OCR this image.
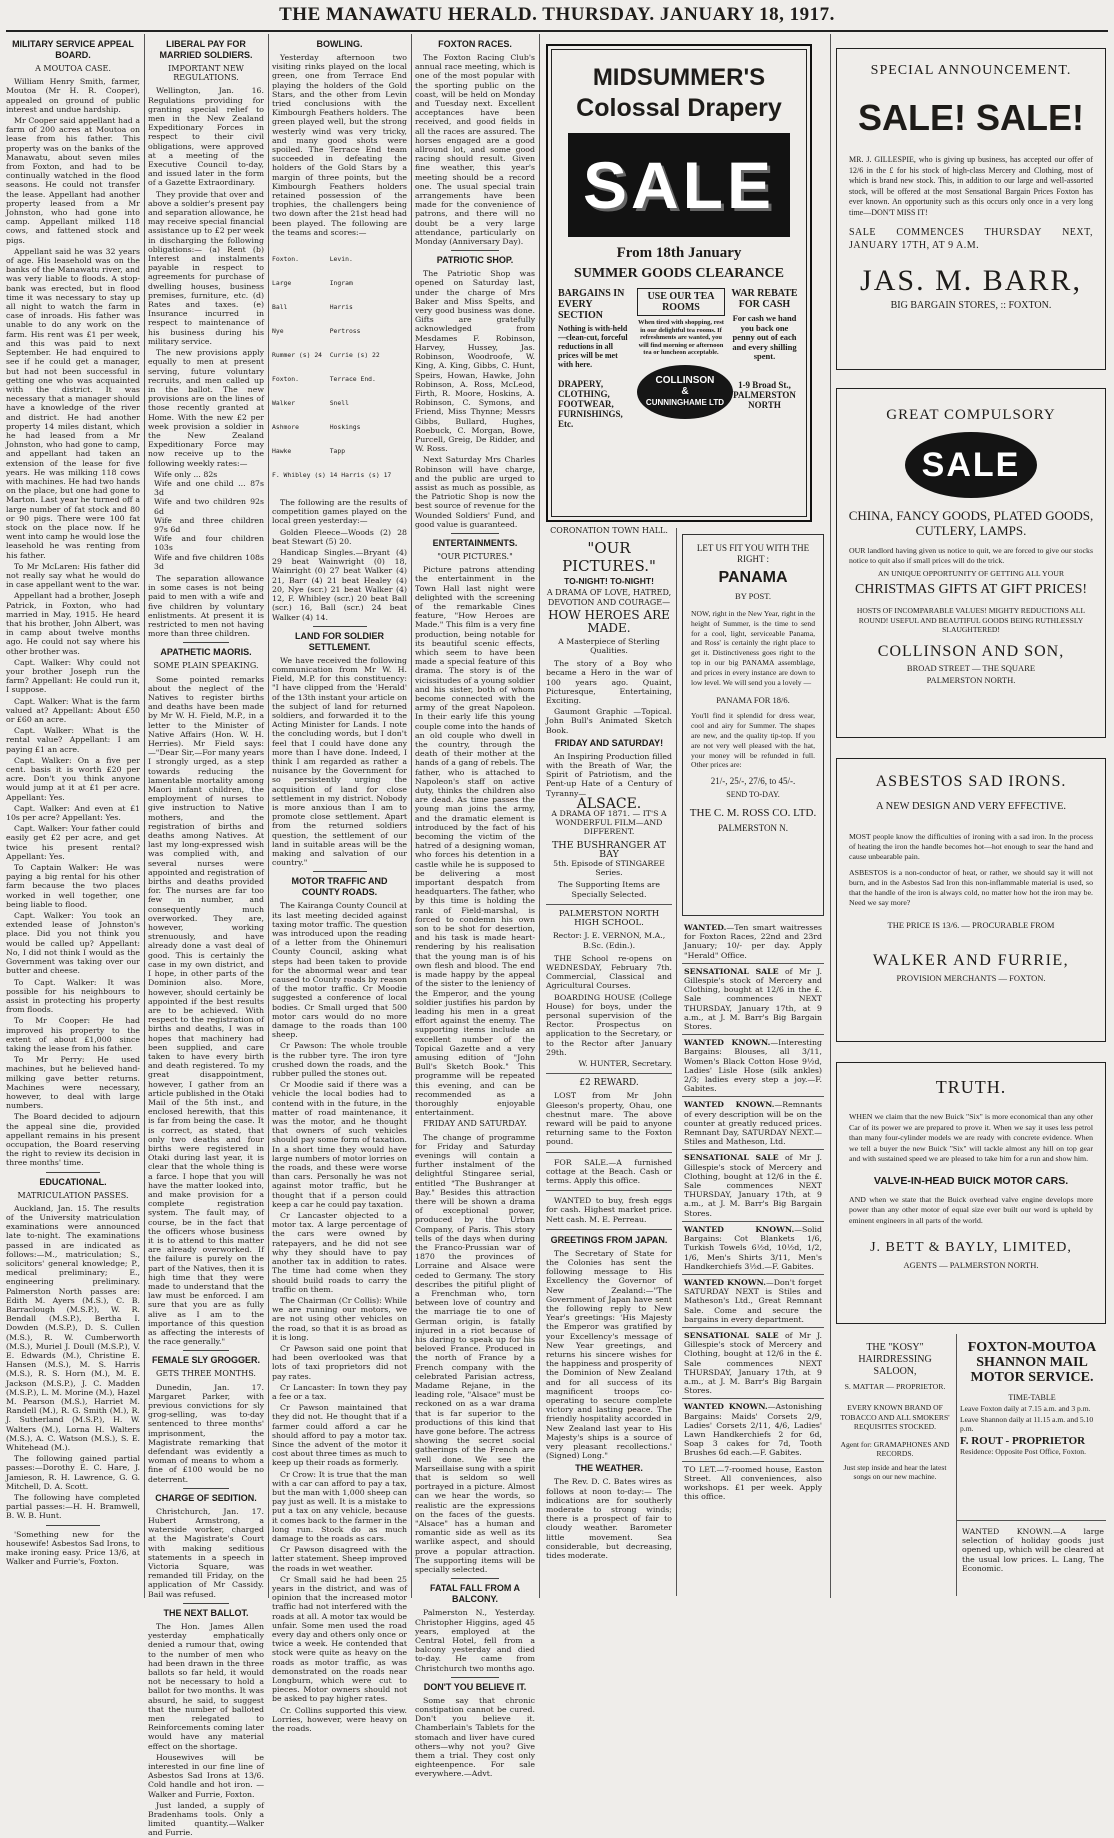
THE MANAWATU HERALD. THURSDAY. JANUARY 18, 1917.
MILITARY SERVICE APPEAL BOARD.
A MOUTOA CASE.

William Henry Smith, farmer, Moutoa (Mr H. R. Cooper), appealed on ground of public interest and undue hardship.

Mr Cooper said appellant had a farm of 200 acres at Moutoa on lease from his father. This property was on the banks of the Manawatu, about seven miles from Foxton, and had to be continually watched in the flood seasons. He could not transfer the lease. Appellant had another property leased from a Mr Johnston, who had gone into camp. Appellant milked 118 cows, and fattened stock and pigs.

Appellant said he was 32 years of age. His leasehold was on the banks of the Manawatu river, and was very liable to floods. A stop-bank was erected, but in flood time it was necessary to stay up all night to watch the farm in case of inroads. His father was unable to do any work on the farm. His rent was £1 per week, and this was paid to next September. He had enquired to see if he could get a manager, but had not been successful in getting one who was acquainted with the district. It was necessary that a manager should have a knowledge of the river and district. He had another property 14 miles distant, which he had leased from a Mr Johnston, who had gone to camp, and appellant had taken an extension of the lease for five years. He was milking 118 cows with machines. He had two hands on the place, but one had gone to Marton. Last year he turned off a large number of fat stock and 80 or 90 pigs. There were 100 fat stock on the place now. If he went into camp he would lose the leasehold he was renting from his father.

To Mr McLaren: His father did not really say what he would do in case appellant went to the war.

Appellant had a brother, Joseph Patrick, in Foxton, who had married in May, 1915. He heard that his brother, John Albert, was in camp about twelve months ago. He could not say where his other brother was.

Capt. Walker: Why could not your brother Joseph run the farm? Appellant: He could run it, I suppose.

Capt. Walker: What is the farm valued at? Appellant: About £50 or £60 an acre.

Capt. Walker: What is the rental value? Appellant: I am paying £1 an acre.

Capt. Walker: On a five per cent. basis it is worth £20 per acre. Don't you think anyone would jump at it at £1 per acre. Appellant: Yes.

Capt. Walker: And even at £1 10s per acre? Appellant: Yes.

Capt. Walker: Your father could easily get £2 per acre, and get twice his present rental? Appellant: Yes.

To Captain Walker: He was paying a big rental for his other farm because the two places worked in well together, one being liable to flood.

Capt. Walker: You took an extended lease of Johnston's place. Did you not think you would be called up? Appellant: No, I did not think I would as the Government was taking over our butter and cheese.

To Capt. Walker: It was possible for his neighbours to assist in protecting his property from floods.

To Mr Cooper: He had improved his property to the extent of about £1,000 since taking the lease from his father.

To Mr Perry: He used machines, but he believed hand-milking gave better returns. Machines were necessary, however, to deal with large numbers.

The Board decided to adjourn the appeal sine die, provided appellant remains in his present occupation, the Board reserving the right to review its decision in three months' time.

EDUCATIONAL.
MATRICULATION PASSES.

Auckland, Jan. 15. The results of the University matriculation examinations were announced late to-night. The examinations passed in are indicated as follows:—M., matriculation; S., solicitors' general knowledge; P., medical preliminary; E., engineering preliminary. Palmerston North passes are: Edith M. Ayers (M.S.), C. B. Barraclough (M.S.P.), W. R. Bendall (M.S.P.), Bertha I. Dowden (M.S.P.), D. S. Cullen (M.S.), R. W. Cumberworth (M.S.), Muriel J. Doull (M.S.P.), V. E. Edwards (M.), Christine E. Hansen (M.S.), M. S. Harris (M.S.), R. S. Horn (M.), M. E. Jackson (M.S.P.), J. C. Madden (M.S.P.), L. M. Morine (M.), Hazel M. Pearson (M.S.), Harriet M. Randell (M.), R. G. Smith (M.), R. J. Sutherland (M.S.P.), H. W. Walters (M.), Lorna H. Walters (M.S.), A. C. Watson (M.S.), S. E. Whitehead (M.).

The following gained partial passes:—Dorothy E. C. Hare, J. Jamieson, R. H. Lawrence, G. G. Mitchell, D. A. Scott.

The following have completed partial passes:—H. H. Bramwell, B. W. B. Hunt.

'Something new for the housewife! Asbestos Sad Irons, to make ironing easy. Price 13/6, at Walker and Furrie's, Foxton.

LIBERAL PAY FOR MARRIED SOLDIERS.
IMPORTANT NEW REGULATIONS.

Wellington, Jan. 16. Regulations providing for granting special relief to men in the New Zealand Expeditionary Forces in respect to their civil obligations, were approved at a meeting of the Executive Council to-day, and issued later in the form of a Gazette Extraordinary.

They provide that over and above a soldier's present pay and separation allowance, he may receive special financial assistance up to £2 per week in discharging the following obligations:— (a) Rent (b) Interest and instalments payable in respect to agreements for purchase of dwelling houses, business premises, furniture, etc. (d) Rates and taxes. (e) Insurance incurred in respect to maintenance of his business during his military service.

The new provisions apply equally to men at present serving, future voluntary recruits, and men called up in the ballot. The new provisions are on the lines of those recently granted at Home. With the new £2 per week provision a soldier in the New Zealand Expeditionary Force may now receive up to the following weekly rates:—

Wife only ... 82s
Wife and one child ... 87s 3d
Wife and two children 92s 6d
Wife and three children 97s 6d
Wife and four children 103s
Wife and five children 108s 3d

The separation allowance in some cases is not being paid to men with a wife and five children by voluntary enlistments. At present it is restricted to men not having more than three children.

APATHETIC MAORIS.
SOME PLAIN SPEAKING.

Some pointed remarks about the neglect of the Natives to register births and deaths have been made by Mr W. H. Field, M.P., in a letter to the Minister of Native Affairs (Hon. W. H. Herries). Mr Field says:—"Dear Sir,—For many years I strongly urged, as a step towards reducing the lamentable mortality among Maori infant children, the employment of nurses to give instruction to Native mothers, and the registration of births and deaths among Natives. At last my long-expressed wish was complied with, and several nurses were appointed and registration of births and deaths provided for. The nurses are far too few in number, and consequently much overworked. They are, however, working strenuously, and have already done a vast deal of good. This is certainly the case in my own district, and I hope, in other parts of the Dominion also. More, however, should certainly be appointed if the best results are to be achieved. With respect to the registration of births and deaths, I was in hopes that machinery had been supplied, and care taken to have every birth and death registered. To my great disappointment, however, I gather from an article published in the Otaki Mail of the 5th inst., and enclosed herewith, that this is far from being the case. It is correct, as stated, that only two deaths and four births were registered in Otaki during last year, it is clear that the whole thing is a farce. I hope that you will have the matter looked into, and make provision for a complete registration system. The fault may, of course, be in the fact that the officers whose business it is to attend to this matter are already overworked. If the failure is purely on the part of the Natives, then it is high time that they were made to understand that the law must be enforced. I am sure that you are as fully alive as I am to the importance of this question as affecting the interests of the race generally."

FEMALE SLY GROGGER.
GETS THREE MONTHS.

Dunedin, Jan. 17. Margaret Parker, with previous convictions for sly grog-selling, was to-day sentenced to three months' imprisonment, the Magistrate remarking that defendant was evidently a woman of means to whom a fine of £100 would be no deterrent.

CHARGE OF SEDITION.

Christchurch, Jan. 17. Hubert Armstrong, a waterside worker, charged at the Magistrate's Court with making seditious statements in a speech in Victoria Square, was remanded till Friday, on the application of Mr Cassidy. Bail was refused.

THE NEXT BALLOT.

The Hon. James Allen yesterday emphatically denied a rumour that, owing to the number of men who had been drawn in the three ballots so far held, it would not be necessary to hold a ballot for two months. It was absurd, he said, to suggest that the number of balloted men relegated to Reinforcements coming later would have any material effect on the shortage.

Housewives will be interested in our fine line of Asbestos Sad Irons at 13/6. Cold handle and hot iron. —Walker and Furrie, Foxton.

Just landed, a supply of Bradenhams tools. Only a limited quantity.—Walker and Furrie.

BOWLING.

Yesterday afternoon two visiting rinks played on the local green, one from Terrace End playing the holders of the Gold Stars, and the other from Levin tried conclusions with the Kimbourgh Feathers holders. The green played well, but the strong westerly wind was very tricky, and many good shots were spoiled. The Terrace End team succeeded in defeating the holders of the Gold Stars by a margin of three points, but the Kimbourgh Feathers holders retained possession of the trophies, the challengers being two down after the 21st head had been played. The following are the teams and scores:—

Foxton.        Levin.

Large          Ingram

Ball           Harris

Nye            Pertross

Rummer (s) 24  Currie (s) 22

Foxton.        Terrace End.

Walker         Snell

Ashmore        Hoskings

Hawke          Tapp

F. Whibley (s) 14 Harris (s) 17

The following are the results of competition games played on the local green yesterday:—

Golden Fleece—Woods (2) 28 beat Stewart (5) 20.

Handicap Singles.—Bryant (4) 29 beat Wainwright (0) 18, Wainright (0) 27 beat Walker (4) 21, Barr (4) 21 beat Healey (4) 20, Nye (scr.) 21 beat Walker (4) 12, F. Whibley (scr.) 20 beat Ball (scr.) 16, Ball (scr.) 24 beat Walker (4) 14.

LAND FOR SOLDIER SETTLEMENT.

We have received the following communication from Mr W. H. Field, M.P. for this constituency: "I have clipped from the 'Herald' of the 13th instant your article on the subject of land for returned soldiers, and forwarded it to the Acting Minister for Lands. I note the concluding words, but I don't feel that I could have done any more than I have done. Indeed, I think I am regarded as rather a nuisance by the Government for so persistently urging the acquisition of land for close settlement in my district. Nobody is more anxious than I am to promote close settlement. Apart from the returned soldiers question, the settlement of our land in suitable areas will be the making and salvation of our country."

MOTOR TRAFFIC AND COUNTY ROADS.

The Kairanga County Council at its last meeting decided against taxing motor traffic. The question was introduced upon the reading of a letter from the Ohinemuri County Council, asking what steps had been taken to provide for the abnormal wear and tear caused to County roads by reason of the motor traffic. Cr Moodie suggested a conference of local bodies. Cr Small urged that 500 motor cars would do no more damage to the roads than 100 sheep.

Cr Pawson: The whole trouble is the rubber tyre. The iron tyre crushed down the roads, and the rubber pulled the stones out.

Cr Moodie said if there was a vehicle the local bodies had to contend with in the future, in the matter of road maintenance, it was the motor, and he thought that owners of such vehicles should pay some form of taxation. In a short time they would have large numbers of motor lorries on the roads, and these were worse than cars. Personally he was not against motor traffic, but he thought that if a person could keep a car he could pay taxation.

Cr Lancaster objected to a motor tax. A large percentage of the cars were owned by ratepayers, and he did not see why they should have to pay another tax in addition to rates. The time had come when they should build roads to carry the traffic on them.

The Chairman (Cr Collis): While we are running our motors, we are not using other vehicles on the road, so that it is as broad as it is long.

Cr Pawson said one point that had been overlooked was that lots of taxi proprietors did not pay rates.

Cr Lancaster: In town they pay a fee or a tax.

Cr Pawson maintained that they did not. He thought that if a farmer could afford a car he should afford to pay a motor tax. Since the advent of the motor it cost about three times as much to keep up their roads as formerly.

Cr Crow: It is true that the man with a car can afford to pay a tax, but the man with 1,000 sheep can pay just as well. It is a mistake to put a tax on any vehicle, because it comes back to the farmer in the long run. Stock do as much damage to the roads as cars.

Cr Pawson disagreed with the latter statement. Sheep improved the roads in wet weather.

Cr Small said he had been 25 years in the district, and was of opinion that the increased motor traffic had not interfered with the roads at all. A motor tax would be unfair. Some men used the road every day and others only once or twice a week. He contended that stock were quite as heavy on the roads as motor traffic, as was demonstrated on the roads near Longburn, which were cut to pieces. Motor owners should not be asked to pay higher rates.

Cr. Collins supported this view. Lorries, however, were heavy on the roads.

FOXTON RACES.

The Foxton Racing Club's annual race meeting, which is one of the most popular with the sporting public on the coast, will be held on Monday and Tuesday next. Excellent acceptances have been received, and good fields in all the races are assured. The horses engaged are a good allround lot, and some good racing should result. Given fine weather, this year's meeting should be a record one. The usual special train arrangements have been made for the convenience of patrons, and there will no doubt be a very large attendance, particularly on Monday (Anniversary Day).

PATRIOTIC SHOP.

The Patriotic Shop was opened on Saturday last, under the charge of Mrs Baker and Miss Spelts, and very good business was done. Gifts are gratefully acknowledged from Mesdames F. Robinson, Harvey, Hussey, Jas. Robinson, Woodroofe, W. King, A. King, Gibbs, C. Hunt, Speirs, Howan, Hawke, John Robinson, A. Ross, McLeod, Firth, R. Moore, Hoskins, A. Robinson, C. Symons, and Friend, Miss Thynne; Messrs Gibbs, Bullard, Hughes, Roebuck, C. Morgan, Bowe, Purcell, Greig, De Ridder, and W. Ross.

Next Saturday Mrs Charles Robinson will have charge, and the public are urged to assist as much as possible, as the Patriotic Shop is now the best source of revenue for the Wounded Soldiers' Fund, and good value is guaranteed.

ENTERTAINMENTS.
"OUR PICTURES."

Picture patrons attending the entertainment in the Town Hall last night were delighted with the screening of the remarkable Cines feature, "How Heroes are Made." This film is a very fine production, being notable for its beautiful scenic effects, which seem to have been made a special feature of this drama. The story is of the vicissitudes of a young soldier and his sister, both of whom become connected with the army of the great Napoleon. In their early life this young couple come into the hands of an old couple who dwell in the country, through the death of their mother at the hands of a gang of rebels. The father, who is attached to Napoleon's staff on active duty, thinks the children also are dead. As time passes the young man joins the army, and the dramatic element is introduced by the fact of his becoming the victim of the hatred of a designing woman, who forces his detention in a castle while he is supposed to be delivering a most important despatch from headquarters. The father, who by this time is holding the rank of Field-marshal, is forced to condemn his own son to be shot for desertion, and his task is made heart-rendering by his realisation that the young man is of his own flesh and blood. The end is made happy by the appeal of the sister to the leniency of the Emperor, and the young soldier justifies his pardon by leading his men in a great effort against the enemy. The supporting items include an excellent number of the Topical Gazette and a very amusing edition of "John Bull's Sketch Book." This programme will be repeated this evening, and can be recommended as a thoroughly enjoyable entertainment.

FRIDAY AND SATURDAY.

The change of programme for Friday and Saturday evenings will contain a further instalment of the delightful Stingaree serial, entitled "The Bushranger at Bay." Besides this attraction there will be shown a drama of exceptional power, produced by the Urban Company, of Paris. This story tells of the days when during the Franco-Prussian war of 1870 the provinces of Lorraine and Alsace were ceded to Germany. The story describes the pitiful plight of a Frenchman who, torn between love of country and the marriage tie to one of German origin, is fatally injured in a riot because of his daring to speak up for his beloved France. Produced in the north of France by a French company with the celebrated Parisian actress, Madame Rejane, in the leading role, "Alsace" must be reckoned on as a war drama that is far superior to the productions of this kind that have gone before. The actress showing the secret social gatherings of the French are well done. We see the Marseillaise sung with a spirit that is seldom so well portrayed in a picture. Almost can we hear the words, so realistic are the expressions on the faces of the guests. "Alsace" has a human and romantic side as well as its warlike aspect, and should prove a popular attraction. The supporting items will be specially selected.

FATAL FALL FROM A BALCONY.

Palmerston N., Yesterday. Christopher Higgins, aged 45 years, employed at the Central Hotel, fell from a balcony yesterday and died to-day. He came from Christchurch two months ago.

DON'T YOU BELIEVE IT.

Some say that chronic constipation cannot be cured. Don't you believe it. Chamberlain's Tablets for the stomach and liver have cured others—why not you? Give them a trial. They cost only eighteenpence. For sale everywhere.—Advt.

MIDSUMMER'S
Colossal Drapery
SALE
From 18th January
SUMMER GOODS CLEARANCE
BARGAINS IN EVERY SECTION
Nothing is with-held—clean-cut, forceful reductions in all prices will be met with here.
DRAPERY, CLOTHING, FOOTWEAR, FURNISHINGS, Etc.
USE OUR TEA ROOMS
When tired with shopping, rest in our delightful tea rooms. If refreshments are wanted, you will find morning or afternoon tea or luncheon acceptable.
COLLINSON
&
CUNNINGHAME LTD
WAR REBATE FOR CASH
For cash we hand you back one penny out of each and every shilling spent.
1-9 Broad St., PALMERSTON NORTH
SPECIAL ANNOUNCEMENT.
SALE! SALE!
MR. J. GILLESPIE, who is giving up business, has accepted our offer of 12/6 in the £ for his stock of high-class Mercery and Clothing, most of which is brand new stock. This, in addition to our large and well-assorted stock, will be offered at the most Sensational Bargain Prices Foxton has ever known. An opportunity such as this occurs only once in a very long time—DON'T MISS IT!
SALE COMMENCES THURSDAY NEXT, JANUARY 17TH, AT 9 A.M.
JAS. M. BARR,
BIG BARGAIN STORES, :: FOXTON.
GREAT COMPULSORY
SALE
CHINA, FANCY GOODS, PLATED GOODS, CUTLERY, LAMPS.
OUR landlord having given us notice to quit, we are forced to give our stocks notice to quit also if small prices will do the trick.
AN UNIQUE OPPORTUNITY OF GETTING ALL YOUR
CHRISTMAS GIFTS AT GIFT PRICES!
HOSTS OF INCOMPARABLE VALUES! MIGHTY REDUCTIONS ALL ROUND! USEFUL AND BEAUTIFUL GOODS BEING RUTHLESSLY SLAUGHTERED!
COLLINSON AND SON,
BROAD STREET — THE SQUARE
PALMERSTON NORTH.
ASBESTOS SAD IRONS.
A NEW DESIGN AND VERY EFFECTIVE.
MOST people know the difficulties of ironing with a sad iron. In the process of heating the iron the handle becomes hot—hot enough to sear the hand and cause unbearable pain.
ASBESTOS is a non-conductor of heat, or rather, we should say it will not burn, and in the Asbestos Sad Iron this non-inflammable material is used, so that the handle of the iron is always cold, no matter how hot the iron may be. Need we say more?
THE PRICE IS 13/6. — PROCURABLE FROM
WALKER AND FURRIE,
PROVISION MERCHANTS — FOXTON.
TRUTH.
WHEN we claim that the new Buick "Six" is more economical than any other Car of its power we are prepared to prove it. When we say it uses less petrol than many four-cylinder models we are ready with concrete evidence. When we tell a buyer the new Buick "Six" will tackle almost any hill on top gear and with sustained speed we are pleased to take him for a run and show him.
VALVE-IN-HEAD BUICK MOTOR CARS.
AND when we state that the Buick overhead valve engine develops more power than any other motor of equal size ever built our word is upheld by eminent engineers in all parts of the world.
J. BETT & BAYLY, LIMITED,
AGENTS — PALMERSTON NORTH.
THE "KOSY" HAIRDRESSING SALOON,
S. MATTAR — PROPRIETOR.
EVERY KNOWN BRAND OF TOBACCO AND ALL SMOKERS' REQUISITES STOCKED.
Agent for: GRAMAPHONES AND RECORDS.
Just step inside and hear the latest songs on our new machine.
FOXTON-MOUTOA SHANNON MAIL MOTOR SERVICE.
TIME-TABLE
Leave Foxton daily at 7.15 a.m. and 3 p.m.
Leave Shannon daily at 11.15 a.m. and 5.10 p.m.
F. ROUT - PROPRIETOR
Residence: Opposite Post Office, Foxton.
WANTED KNOWN.—A large selection of holiday goods just opened up, which will be cleared at the usual low prices. L. Lang, The Economic.
CORONATION TOWN HALL.
"OUR PICTURES."
TO-NIGHT! TO-NIGHT!
A DRAMA OF LOVE, HATRED, DEVOTION AND COURAGE—
HOW HEROES ARE MADE.
A Masterpiece of Sterling Qualities.

The story of a Boy who became a Hero in the war of 100 years ago. Quaint, Picturesque, Entertaining, Exciting.

Gaumont Graphic —Topical. John Bull's Animated Sketch Book.

FRIDAY AND SATURDAY!

An Inspiring Production filled with the Breath of War, the Spirit of Patriotism, and the Pent-up Hate of a Century of Tyranny—

ALSACE.
A DRAMA OF 1871. — IT'S A WONDERFUL FILM—AND DIFFERENT.
THE BUSHRANGER AT BAY
5th. Episode of STINGAREE Series.
The Supporting Items are Specially Selected.
PALMERSTON NORTH HIGH SCHOOL.
Rector: J. E. VERNON, M.A., B.Sc. (Edin.).

THE School re-opens on WEDNESDAY, February 7th. Commercial, Classical and Agricultural Courses.

BOARDING HOUSE (College House) for boys, under the personal supervision of the Rector. Prospectus on application to the Secretary, or to the Rector after January 29th.

W. HUNTER, Secretary.
£2 REWARD.

LOST from Mr John Gleeson's property, Ohau, one chestnut mare. The above reward will be paid to anyone returning same to the Foxton pound.

FOR SALE.—A furnished cottage at the Beach. Cash or terms. Apply this office.

WANTED to buy, fresh eggs for cash. Highest market price. Nett cash. M. E. Perreau.

GREETINGS FROM JAPAN.

The Secretary of State for the Colonies has sent the following message to His Excellency the Governor of New Zealand:—"The Government of Japan have sent the following reply to New Year's greetings: 'His Majesty the Emperor was gratified by your Excellency's message of New Year greetings, and returns his sincere wishes for the happiness and prosperity of the Dominion of New Zealand and for all success of its magnificent troops co-operating to secure complete victory and lasting peace. The friendly hospitality accorded in New Zealand last year to His Majesty's ships is a source of very pleasant recollections.' (Signed) Long."

THE WEATHER.

The Rev. D. C. Bates wires as follows at noon to-day:— The indications are for southerly moderate to strong winds; there is a prospect of fair to cloudy weather. Barometer little movement. Sea considerable, but decreasing, tides moderate.

LET US FIT YOU WITH THE RIGHT :
PANAMA
BY POST.
NOW, right in the New Year, right in the height of Summer, is the time to send for a cool, light, serviceable Panama, and Ross' is certainly the right place to get it. Distinctiveness goes right to the top in our big PANAMA assemblage, and prices in every instance are down to low level. We will send you a lovely —
PANAMA FOR 18/6.
You'll find it splendid for dress wear, cool and airy for Summer. The shapes are new, and the quality tip-top. If you are not very well pleased with the hat, your money will be refunded in full. Other prices are:
21/-, 25/-, 27/6, to 45/-.
SEND TO-DAY.
THE C. M. ROSS CO. LTD.
PALMERSTON N.
WANTED.—Ten smart waitresses for Foxton Races, 22nd and 23rd January; 10/- per day. Apply "Herald" Office.
SENSATIONAL SALE of Mr J. Gillespie's stock of Mercery and Clothing, bought at 12/6 in the £. Sale commences NEXT THURSDAY, January 17th, at 9 a.m., at J. M. Barr's Big Bargain Stores.
WANTED KNOWN.—Interesting Bargains: Blouses, all 3/11, Women's Black Cotton Hose 9½d, Ladies' Lisle Hose (silk ankles) 2/3; ladies every step a joy.—F. Gabites.
WANTED KNOWN.—Remnants of every description will be on the counter at greatly reduced prices. Remnant Day, SATURDAY NEXT.—Stiles and Matheson, Ltd.
SENSATIONAL SALE of Mr J. Gillespie's stock of Mercery and Clothing, bought at 12/6 in the £. Sale commences NEXT THURSDAY, January 17th, at 9 a.m., at J. M. Barr's Big Bargain Stores.
WANTED KNOWN.—Solid Bargains: Cot Blankets 1/6, Turkish Towels 6½d, 10½d, 1/2, 1/6, Men's Shirts 3/11, Men's Handkerchiefs 3½d.—F. Gabites.
WANTED KNOWN.—Don't forget SATURDAY NEXT is Stiles and Matheson's Ltd., Great Remnant Sale. Come and secure the bargains in every department.
SENSATIONAL SALE of Mr J. Gillespie's stock of Mercery and Clothing, bought at 12/6 in the £. Sale commences NEXT THURSDAY, January 17th, at 9 a.m., at J. M. Barr's Big Bargain Stores.
WANTED KNOWN.—Astonishing Bargains: Maids' Corsets 2/9, Ladies' Corsets 2/11, 4/6, Ladies' Lawn Handkerchiefs 2 for 6d, Soap 3 cakes for 7d, Tooth Brushes 6d each.—F. Gabites.
TO LET.—7-roomed house, Easton Street. All conveniences, also workshops. £1 per week. Apply this office.
